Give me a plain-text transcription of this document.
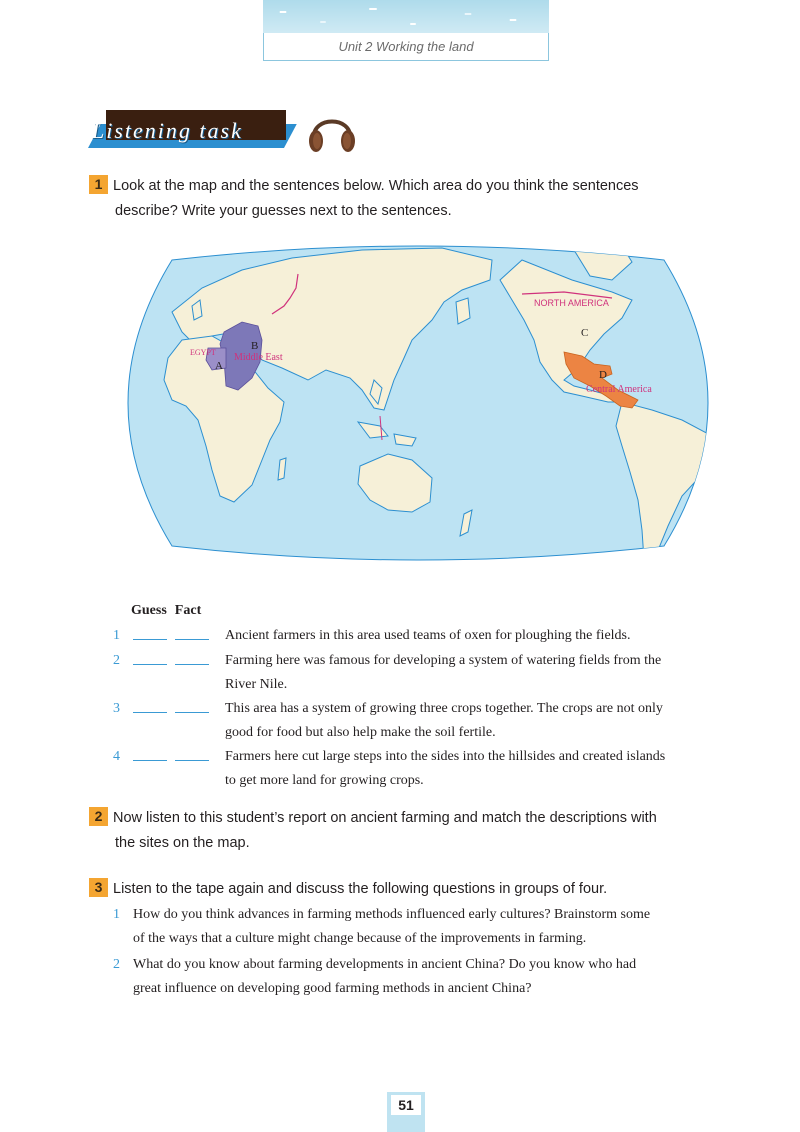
Unit 2 Working the land
Listening task
1 Look at the map and the sentences below. Which area do you think the sentences
describe? Write your guesses next to the sentences.
EGYPT Middle East
A
B
NORTH AMERICA
C
D
Central America
Guess Fact
1	Ancient farmers in this area used teams of oxen for ploughing the fields.
2	Farming here was famous for developing a system of watering fields from the
River Nile.
3	This area has a system of growing three crops together. The crops are not only
good for food but also help make the soil fertile.
4	Farmers here cut large steps into the sides into the hillsides and created islands
to get more land for growing crops.
2 Now listen to this student’s report on ancient farming and match the descriptions with
the sites on the map.
3 Listen to the tape again and discuss the following questions in groups of four.
1 How do you think advances in farming methods influenced early cultures? Brainstorm some
of the ways that a culture might change because of the improvements in farming.
2 What do you know about farming developments in ancient China? Do you know who had
great influence on developing good farming methods in ancient China?
51
